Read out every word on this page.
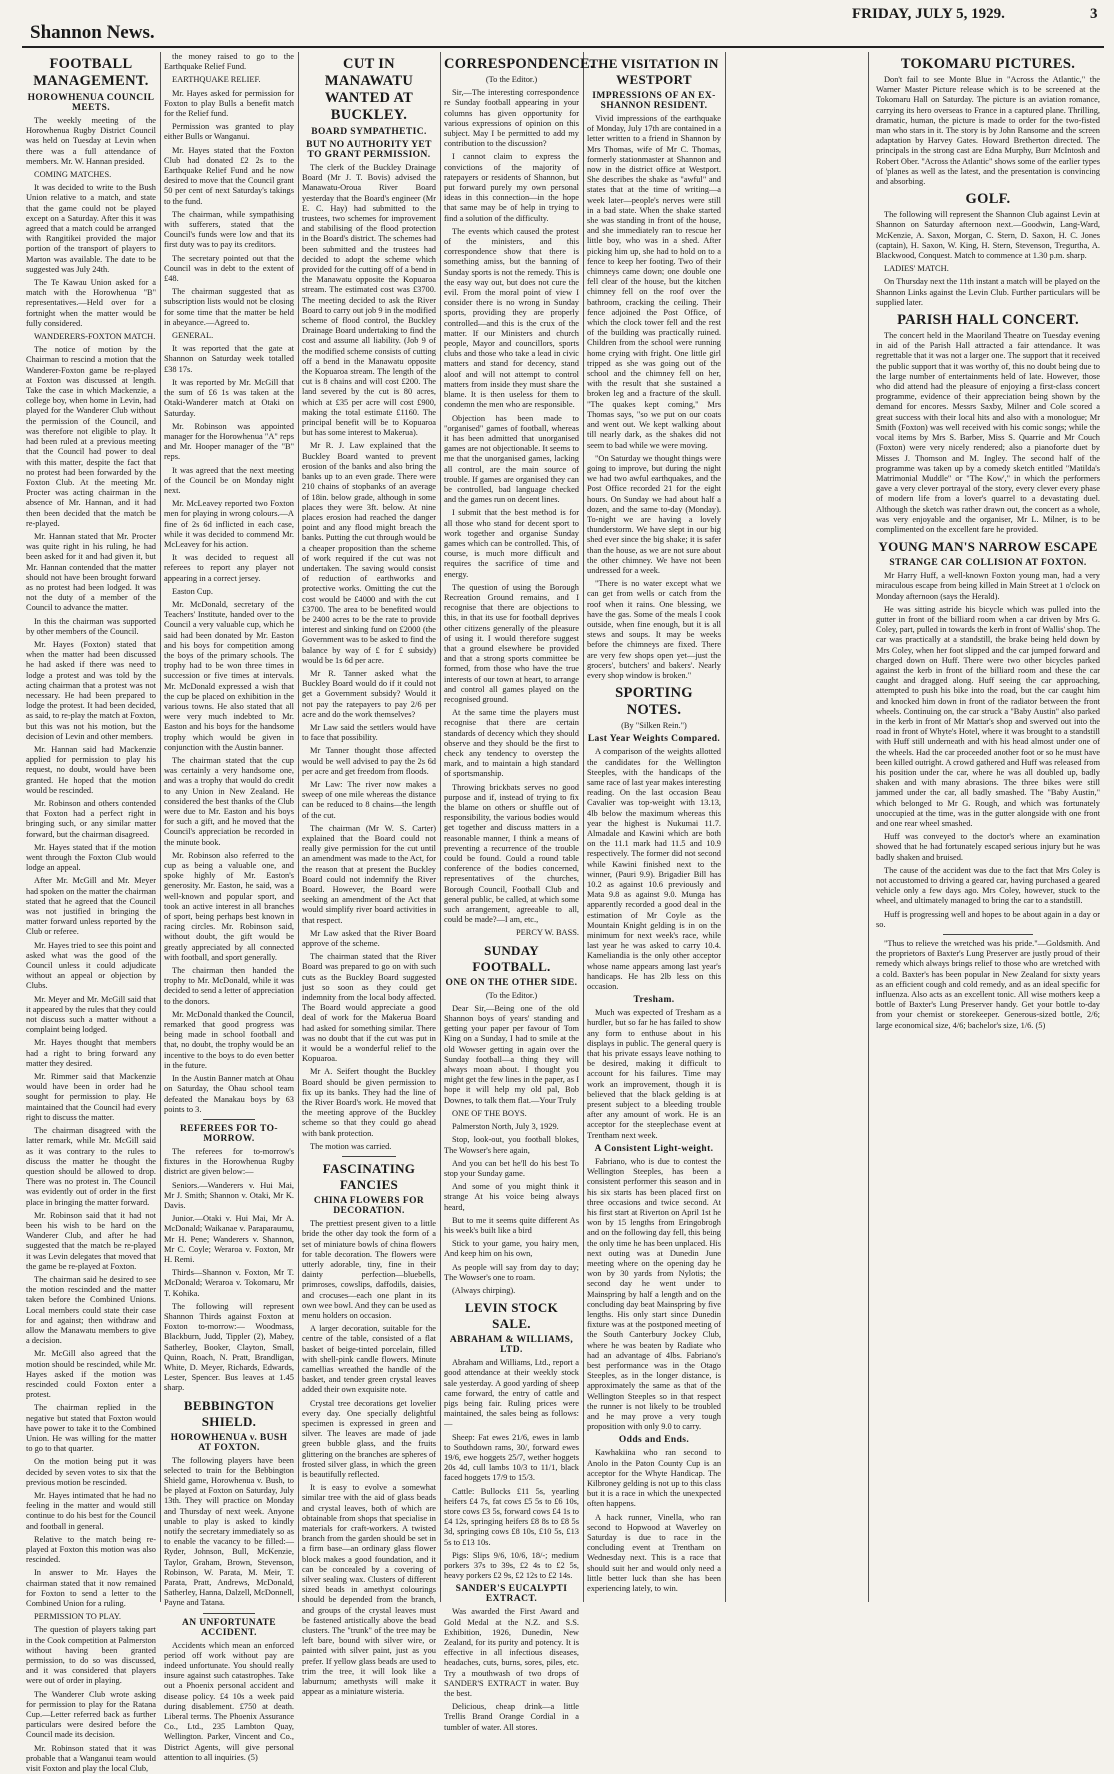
Shannon News.
FRIDAY, JULY 5, 1929.	3
FOOTBALL MANAGEMENT.
HOROWHENUA COUNCIL MEETS.

The weekly meeting of the Horowhenua Rugby District Council was held on Tuesday at Levin when there was a full attendance of members. Mr. W. Hannan presided.

COMING MATCHES.

It was decided to write to the Bush Union relative to a match, and state that the game could not be played except on a Saturday. After this it was agreed that a match could be arranged with Rangitikei provided the major portion of the transport of players to Marton was available. The date to be suggested was July 24th.

The Te Kawau Union asked for a match with the Horowhenua "B" representatives.—Held over for a fortnight when the matter would be fully considered.

WANDERERS-FOXTON MATCH.

The notice of motion by the Chairman to rescind a motion that the Wanderer-Foxton game be re-played at Foxton was discussed at length. Take the case in which Mackenzie, a college boy, when home in Levin, had played for the Wanderer Club without the permission of the Council, and was therefore not eligible to play. It had been ruled at a previous meeting that the Council had power to deal with this matter, despite the fact that no protest had been forwarded by the Foxton Club. At the meeting Mr. Procter was acting chairman in the absence of Mr. Hannan, and it had then been decided that the match be re-played.

Mr. Hannan stated that Mr. Procter was quite right in his ruling, he had been asked for it and had given it, but Mr. Hannan contended that the matter should not have been brought forward as no protest had been lodged. It was not the duty of a member of the Council to advance the matter.

In this the chairman was supported by other members of the Council.

Mr. Hayes (Foxton) stated that when the matter had been discussed he had asked if there was need to lodge a protest and was told by the acting chairman that a protest was not necessary. He had been prepared to lodge the protest. It had been decided, as said, to re-play the match at Foxton, but this was not his motion, but the decision of Levin and other members.

Mr. Hannan said had Mackenzie applied for permission to play his request, no doubt, would have been granted. He hoped that the motion would be rescinded.

Mr. Robinson and others contended that Foxton had a perfect right in bringing such, or any similar matter forward, but the chairman disagreed.

Mr. Hayes stated that if the motion went through the Foxton Club would lodge an appeal.

After Mr. McGill and Mr. Meyer had spoken on the matter the chairman stated that he agreed that the Council was not justified in bringing the matter forward unless reported by the Club or referee.

Mr. Hayes tried to see this point and asked what was the good of the Council unless it could adjudicate without an appeal or objection by Clubs.

Mr. Meyer and Mr. McGill said that it appeared by the rules that they could not discuss such a matter without a complaint being lodged.

Mr. Hayes thought that members had a right to bring forward any matter they desired.

Mr. Rimmer said that Mackenzie would have been in order had he sought for permission to play. He maintained that the Council had every right to discuss the matter.

The chairman disagreed with the latter remark, while Mr. McGill said as it was contrary to the rules to discuss the matter he thought the question should be allowed to drop. There was no protest in. The Council was evidently out of order in the first place in bringing the matter forward.

Mr. Robinson said that it had not been his wish to be hard on the Wanderer Club, and after he had suggested that the match be re-played it was Levin delegates that moved that the game be re-played at Foxton.

The chairman said he desired to see the motion rescinded and the matter taken before the Combined Unions. Local members could state their case for and against; then withdraw and allow the Manawatu members to give a decision.

Mr. McGill also agreed that the motion should be rescinded, while Mr. Hayes asked if the motion was rescinded could Foxton enter a protest.

The chairman replied in the negative but stated that Foxton would have power to take it to the Combined Union. He was willing for the matter to go to that quarter.

On the motion being put it was decided by seven votes to six that the previous motion be rescinded.

Mr. Hayes intimated that he had no feeling in the matter and would still continue to do his best for the Council and football in general.

Relative to the match being re-played at Foxton this motion was also rescinded.

In answer to Mr. Hayes the chairman stated that it now remained for Foxton to send a letter to the Combined Union for a ruling.

PERMISSION TO PLAY.

The question of players taking part in the Cook competition at Palmerston without having been granted permission, to do so was discussed, and it was considered that players were out of order in playing.

The Wanderer Club wrote asking for permission to play for the Ratana Cup.—Letter referred back as further particulars were desired before the Council made its decision.

Mr. Robinson stated that it was probable that a Wanganui team would visit Foxton and play the local Club,

the money raised to go to the Earthquake Relief Fund.

EARTHQUAKE RELIEF.

Mr. Hayes asked for permission for Foxton to play Bulls a benefit match for the Relief fund.

Permission was granted to play either Bulls or Wanganui.

Mr. Hayes stated that the Foxton Club had donated £2 2s to the Earthquake Relief Fund and he now desired to move that the Council grant 50 per cent of next Saturday's takings to the fund.

The chairman, while sympathising with sufferers, stated that the Council's funds were low and that its first duty was to pay its creditors.

The secretary pointed out that the Council was in debt to the extent of £48.

The chairman suggested that as subscription lists would not be closing for some time that the matter be held in abeyance.—Agreed to.

GENERAL.

It was reported that the gate at Shannon on Saturday week totalled £38 17s.

It was reported by Mr. McGill that the sum of £6 1s was taken at the Otaki-Wanderer match at Otaki on Saturday.

Mr. Robinson was appointed manager for the Horowhenua "A" reps and Mr. Hooper manager of the "B" reps.

It was agreed that the next meeting of the Council be on Monday night next.

Mr. McLeavey reported two Foxton men for playing in wrong colours.—A fine of 2s 6d inflicted in each case, while it was decided to commend Mr. McLeavey for his action.

It was decided to request all referees to report any player not appearing in a correct jersey.

Easton Cup.

Mr. McDonald, secretary of the Teachers' Institute, handed over to the Council a very valuable cup, which he said had been donated by Mr. Easton and his boys for competition among the boys of the primary schools. The trophy had to be won three times in succession or five times at intervals. Mr. McDonald expressed a wish that the cup be placed on exhibition in the various towns. He also stated that all were very much indebted to Mr. Easton and his boys for the handsome trophy which would be given in conjunction with the Austin banner.

The chairman stated that the cup was certainly a very handsome one, and was a trophy that would do credit to any Union in New Zealand. He considered the best thanks of the Club were due to Mr. Easton and his boys for such a gift, and he moved that the Council's appreciation be recorded in the minute book.

Mr. Robinson also referred to the cup as being a valuable one, and spoke highly of Mr. Easton's generosity. Mr. Easton, he said, was a well-known and popular sport, and took an active interest in all branches of sport, being perhaps best known in racing circles. Mr. Robinson said, without doubt, the gift would be greatly appreciated by all connected with football, and sport generally.

The chairman then handed the trophy to Mr. McDonald, while it was decided to send a letter of appreciation to the donors.

Mr. McDonald thanked the Council, remarked that good progress was being made in school football and that, no doubt, the trophy would be an incentive to the boys to do even better in the future.

In the Austin Banner match at Ohau on Saturday, the Ohau school team defeated the Manakau boys by 63 points to 3.

REFEREES FOR TO-MORROW.

The referees for to-morrow's fixtures in the Horowhenua Rugby district are given below:—

Seniors.—Wanderers v. Hui Mai, Mr J. Smith; Shannon v. Otaki, Mr K. Davis.

Junior.—Otaki v. Hui Mai, Mr A. McDonald; Waikanae v. Paraparaumu, Mr H. Pene; Wanderers v. Shannon, Mr C. Coyle; Weraroa v. Foxton, Mr H. Remi.

Thirds—Shannon v. Foxton, Mr T. McDonald; Weraroa v. Tokomaru, Mr T. Kohika.

The following will represent Shannon Thirds against Foxton at Foxton to-morrow:— Woodmass, Blackburn, Judd, Tippler (2), Mabey, Satherley, Booker, Clayton, Small, Quinn, Roach, N. Pratt, Brandligan, White, D. Meyer, Richards, Edwards, Lester, Spencer. Bus leaves at 1.45 sharp.

BEBBINGTON SHIELD.
HOROWHENUA v. BUSH AT FOXTON.

The following players have been selected to train for the Bebbington Shield game, Horowhenua v. Bush, to be played at Foxton on Saturday, July 13th. They will practice on Monday and Thursday of next week. Anyone unable to play is asked to kindly notify the secretary immediately so as to enable the vacancy to be filled:— Ryder, Johnson, Bull, McKenzie, Taylor, Graham, Brown, Stevenson, Robinson, W. Parata, M. Meir, T. Parata, Pratt, Andrews, McDonald, Satherley, Hanna, Dalzell, McDonnell, Payne and Tatana.

AN UNFORTUNATE ACCIDENT.

Accidents which mean an enforced period off work without pay are indeed unfortunate. You should really insure against such catastrophes. Take out a Phoenix personal accident and disease policy. £4 10s a week paid during disablement. £750 at death. Liberal terms. The Phoenix Assurance Co., Ltd., 235 Lambton Quay, Wellington. Parker, Vincent and Co., District Agents, will give personal attention to all inquiries. (5)

CUT IN MANAWATU WANTED AT BUCKLEY.
BOARD SYMPATHETIC.
BUT NO AUTHORITY YET TO GRANT PERMISSION.

The clerk of the Buckley Drainage Board (Mr J. T. Bovis) advised the Manawatu-Oroua River Board yesterday that the Board's engineer (Mr E. C. Hay) had submitted to the trustees, two schemes for improvement and stabilising of the flood protection in the Board's district. The schemes had been submitted and the trustees had decided to adopt the scheme which provided for the cutting off of a bend in the Manawatu opposite the Kopuaroa stream. The estimated cost was £3700. The meeting decided to ask the River Board to carry out job 9 in the modified scheme of flood control, the Buckley Drainage Board undertaking to find the cost and assume all liability. (Job 9 of the modified scheme consists of cutting off a bend in the Manawatu opposite the Kopuaroa stream. The length of the cut is 8 chains and will cost £200. The land severed by the cut is 80 acres, which at £35 per acre will cost £900, making the total estimate £1160. The principal benefit will be to Kopuaroa but has some interest to Makerua).

Mr R. J. Law explained that the Buckley Board wanted to prevent erosion of the banks and also bring the banks up to an even grade. There were 210 chains of stopbanks of an average of 18in. below grade, although in some places they were 3ft. below. At nine places erosion had reached the danger point and any flood might breach the banks. Putting the cut through would be a cheaper proposition than the scheme of work required if the cut was not undertaken. The saving would consist of reduction of earthworks and protective works. Omitting the cut the cost would be £4000 and with the cut £3700. The area to be benefited would be 2400 acres to be the rate to provide interest and sinking fund on £2000 (the Government was to be asked to find the balance by way of £ for £ subsidy) would be 1s 6d per acre.

Mr R. Tanner asked what the Buckley Board would do if it could not get a Government subsidy? Would it not pay the ratepayers to pay 2/6 per acre and do the work themselves?

Mr Law said the settlers would have to face that possibility.

Mr Tanner thought those affected would be well advised to pay the 2s 6d per acre and get freedom from floods.

Mr Law: The river now makes a sweep of one mile whereas the distance can be reduced to 8 chains—the length of the cut.

The chairman (Mr W. S. Carter) explained that the Board could not really give permission for the cut until an amendment was made to the Act, for the reason that at present the Buckley Board could not indemnify the River Board. However, the Board were seeking an amendment of the Act that would simplify river board activities in that respect.

Mr Law asked that the River Board approve of the scheme.

The chairman stated that the River Board was prepared to go on with such cuts as the Buckley Board suggested just so soon as they could get indemnity from the local body affected. The Board would appreciate a good deal of work for the Makerua Board had asked for something similar. There was no doubt that if the cut was put in it would be a wonderful relief to the Kopuaroa.

Mr A. Seifert thought the Buckley Board should be given permission to fix up its banks. They had the line of the River Board's work. He moved that the meeting approve of the Buckley scheme so that they could go ahead with bank protection.

The motion was carried.

FASCINATING FANCIES
CHINA FLOWERS FOR DECORATION.

The prettiest present given to a little bride the other day took the form of a set of miniature bowls of china flowers for table decoration. The flowers were utterly adorable, tiny, fine in their dainty perfection—bluebells, primroses, cowslips, daffodils, daisies, and crocuses—each one plant in its own wee bowl. And they can be used as menu holders on occasion.

A larger decoration, suitable for the centre of the table, consisted of a flat basket of beige-tinted porcelain, filled with shell-pink candle flowers. Minute camellias wreathed the handle of the basket, and tender green crystal leaves added their own exquisite note.

Crystal tree decorations get lovelier every day. One specially delightful specimen is expressed in green and silver. The leaves are made of jade green bubble glass, and the fruits glittering on the branches are spheres of frosted silver glass, in which the green is beautifully reflected.

It is easy to evolve a somewhat similar tree with the aid of glass beads and crystal leaves, both of which are obtainable from shops that specialise in materials for craft-workers. A twisted branch from the garden should be set in a firm base—an ordinary glass flower block makes a good foundation, and it can be concealed by a covering of silver sealing wax. Clusters of different sized beads in amethyst colourings should be depended from the branch, and groups of the crystal leaves must be fastened artistically above the bead clusters. The "trunk" of the tree may be left bare, bound with silver wire, or painted with silver paint, just as you prefer. If yellow glass beads are used to trim the tree, it will look like a laburnum; amethysts will make it appear as a miniature wisteria.

CORRESPONDENCE.

(To the Editor.)

Sir,—The interesting correspondence re Sunday football appearing in your columns has given opportunity for various expressions of opinion on this subject. May I be permitted to add my contribution to the discussion?

I cannot claim to express the convictions of the majority of ratepayers or residents of Shannon, but put forward purely my own personal ideas in this connection—in the hope that same may be of help in trying to find a solution of the difficulty.

The events which caused the protest of the ministers, and this correspondence show that there is something amiss, but the banning of Sunday sports is not the remedy. This is the easy way out, but does not cure the evil. From the moral point of view I consider there is no wrong in Sunday sports, providing they are properly controlled—and this is the crux of the matter. If our Ministers and church people, Mayor and councillors, sports clubs and those who take a lead in civic matters and stand for decency, stand aloof and will not attempt to control matters from inside they must share the blame. It is then useless for them to condemn the men who are responsible.

Objection has been made to "organised" games of football, whereas it has been admitted that unorganised games are not objectionable. It seems to me that the unorganised games, lacking all control, are the main source of trouble. If games are organised they can be controlled, bad language checked and the games run on decent lines.

I submit that the best method is for all those who stand for decent sport to work together and organise Sunday games which can be controlled. This, of course, is much more difficult and requires the sacrifice of time and energy.

The question of using the Borough Recreation Ground remains, and I recognise that there are objections to this, in that its use for football deprives other citizens generally of the pleasure of using it. I would therefore suggest that a ground elsewhere be provided and that a strong sports committee be formed, from those who have the true interests of our town at heart, to arrange and control all games played on the recognised ground.

At the same time the players must recognise that there are certain standards of decency which they should observe and they should be the first to check any tendency to overstep the mark, and to maintain a high standard of sportsmanship.

Throwing brickbats serves no good purpose and if, instead of trying to fix the blame on others or shuffle out of responsibility, the various bodies would get together and discuss matters in a reasonable manner, I think a means of preventing a recurrence of the trouble could be found. Could a round table conference of the bodies concerned, representatives of the churches, Borough Council, Football Club and general public, be called, at which some such arrangement, agreeable to all, could be made?—I am, etc.,

PERCY W. BASS.

SUNDAY FOOTBALL.
ONE ON THE OTHER SIDE.

(To the Editor.)

Dear Sir,—Being one of the old Shannon boys of years' standing and getting your paper per favour of Tom King on a Sunday, I had to smile at the old Wowser getting in again over the Sunday football—a thing they will always moan about. I thought you might get the few lines in the paper, as I hope it will help my old pal, Bob Downes, to talk them flat.—Your Truly

ONE OF THE BOYS.

Palmerston North, July 3, 1929.

Stop, look-out, you football blokes, The Wowser's here again,

And you can bet he'll do his best To stop your Sunday game.

And some of you might think it strange At his voice being always heard,

But to me it seems quite different As his week's built like a bird

Stick to your game, you hairy men, And keep him on his own,

As people will say from day to day; The Wowser's one to roam.

(Always chirping).

LEVIN STOCK SALE.
ABRAHAM & WILLIAMS, LTD.

Abraham and Williams, Ltd., report a good attendance at their weekly stock sale yesterday. A good yarding of sheep came forward, the entry of cattle and pigs being fair. Ruling prices were maintained, the sales being as follows:—

Sheep: Fat ewes 21/6, ewes in lamb to Southdown rams, 30/, forward ewes 19/6, ewe hoggets 25/7, wether hoggets 20s 4d, cull lambs 10/3 to 11/1, black faced hoggets 17/9 to 15/3.

Cattle: Bullocks £11 5s, yearling heifers £4 7s, fat cows £5 5s to £6 10s, store cows £3 5s, forward cows £4 1s to £4 12s, springing heifers £8 8s to £8 5s 3d, springing cows £8 10s, £10 5s, £13 5s to £13 10s.

Pigs: Slips 9/6, 10/6, 18/-; medium porkers 37s to 39s, £2 4s to £2 5s, heavy porkers £2 9s, £2 12s to £2 14s.

SANDER'S EUCALYPTI EXTRACT.

Was awarded the First Award and Gold Medal at the N.Z. and S.S. Exhibition, 1926, Dunedin, New Zealand, for its purity and potency. It is effective in all infectious diseases, headaches, cuts, burns, sores, piles, etc. Try a mouthwash of two drops of SANDER'S EXTRACT in water. Buy the best.

Delicious, cheap drink—a little Trellis Brand Orange Cordial in a tumbler of water. All stores.

THE VISITATION IN WESTPORT
IMPRESSIONS OF AN EX-SHANNON RESIDENT.

Vivid impressions of the earthquake of Monday, July 17th are contained in a letter written to a friend in Shannon by Mrs Thomas, wife of Mr C. Thomas, formerly stationmaster at Shannon and now in the district office at Westport. She describes the shake as "awful" and states that at the time of writing—a week later—people's nerves were still in a bad state. When the shake started she was standing in front of the house, and she immediately ran to rescue her little boy, who was in a shed. After picking him up, she had to hold on to a fence to keep her footing. Two of their chimneys came down; one double one fell clear of the house, but the kitchen chimney fell on the roof over the bathroom, cracking the ceiling. Their fence adjoined the Post Office, of which the clock tower fell and the rest of the building was practically ruined. Children from the school were running home crying with fright. One little girl tripped as she was going out of the school and the chimney fell on her, with the result that she sustained a broken leg and a fracture of the skull. "The quakes kept coming," Mrs Thomas says, "so we put on our coats and went out. We kept walking about till nearly dark, as the shakes did not seem to bad while we were moving.

"On Saturday we thought things were going to improve, but during the night we had two awful earthquakes, and the Post Office recorded 21 for the eight hours. On Sunday we had about half a dozen, and the same to-day (Monday). To-night we are having a lovely thunderstorm. We have slept in our big shed ever since the big shake; it is safer than the house, as we are not sure about the other chimney. We have not been undressed for a week.

"There is no water except what we can get from wells or catch from the roof when it rains. One blessing, we have the gas. Some of the meals I cook outside, when fine enough, but it is all stews and soups. It may be weeks before the chimneys are fixed. There are very few shops open yet—just the grocers', butchers' and bakers'. Nearly every shop window is broken."

SPORTING NOTES.

(By "Silken Rein.")

Last Year Weights Compared.

A comparison of the weights allotted the candidates for the Wellington Steeples, with the handicaps of the same race of last year makes interesting reading. On the last occasion Beau Cavalier was top-weight with 13.13, 4lb below the maximum whereas this year the highest is Nukumai 11.7. Almadale and Kawini which are both on the 11.1 mark had 11.5 and 10.9 respectively. The former did not second while Kawini finished next to the winner, (Pauri 9.9). Brigadier Bill has 10.2 as against 10.6 previously and Mata 9.8 as against 9.0. Munga has apparently recorded a good deal in the estimation of Mr Coyle as the Mountain Knight gelding is in on the minimum for next week's race, while last year he was asked to carry 10.4. Kameliandia is the only other acceptor whose name appears among last year's handicaps. He has 2lb less on this occasion.

Tresham.

Much was expected of Tresham as a hurdler, but so far he has failed to show any form to enthuse about in his displays in public. The general query is that his private essays leave nothing to be desired, making it difficult to account for his failures. Time may work an improvement, though it is believed that the black gelding is at present subject to a bleeding trouble after any amount of work. He is an acceptor for the steeplechase event at Trentham next week.

A Consistent Light-weight.

Fabriano, who is due to contest the Wellington Steeples, has been a consistent performer this season and in his six starts has been placed first on three occasions and twice second. At his first start at Riverton on April 1st he won by 15 lengths from Eringobrogh and on the following day fell, this being the only time he has been unplaced. His next outing was at Dunedin June meeting where on the opening day he won by 30 yards from Nylotis; the second day he went under to Mainspring by half a length and on the concluding day beat Mainspring by five lengths. His only start since Dunedin fixture was at the postponed meeting of the South Canterbury Jockey Club, where he was beaten by Radiate who had an advantage of 4lbs. Fabriano's best performance was in the Otago Steeples, as in the longer distance, is approximately the same as that of the Wellington Steeples so in that respect the runner is not likely to be troubled and he may prove a very tough proposition with only 9.0 to carry.

Odds and Ends.

Kawhakiina who ran second to Anolo in the Paton County Cup is an acceptor for the Whyte Handicap. The Kilbroney gelding is not up to this class but it is a race in which the unexpected often happens.

A hack runner, Vinella, who ran second to Hopwood at Waverley on Saturday is due to race in the concluding event at Trentham on Wednesday next. This is a race that should suit her and would only need a little better luck than she has been experiencing lately, to win.

TOKOMARU PICTURES.

Don't fail to see Monte Blue in "Across the Atlantic," the Warner Master Picture release which is to be screened at the Tokomaru Hall on Saturday. The picture is an aviation romance, carrying its hero overseas to France in a captured plane. Thrilling, dramatic, human, the picture is made to order for the two-fisted man who stars in it. The story is by John Ransome and the screen adaptation by Harvey Gates. Howard Bretherton directed. The principals in the strong cast are Edna Murphy, Burr McIntosh and Robert Ober. "Across the Atlantic" shows some of the earlier types of 'planes as well as the latest, and the presentation is convincing and absorbing.

GOLF.

The following will represent the Shannon Club against Levin at Shannon on Saturday afternoon next.—Goodwin, Lang-Ward, McKenzie, A. Saxon, Morgan, C. Stern, D. Saxon, H. C. Jones (captain), H. Saxon, W. King, H. Stern, Stevenson, Tregurtha, A. Blackwood, Conquest. Match to commence at 1.30 p.m. sharp.

LADIES' MATCH.

On Thursday next the 11th instant a match will be played on the Shannon Links against the Levin Club. Further particulars will be supplied later.

PARISH HALL CONCERT.

The concert held in the Maoriland Theatre on Tuesday evening in aid of the Parish Hall attracted a fair attendance. It was regrettable that it was not a larger one. The support that it received the public support that it was worthy of, this no doubt being due to the large number of entertainments held of late. However, those who did attend had the pleasure of enjoying a first-class concert programme, evidence of their appreciation being shown by the demand for encores. Messrs Saxby, Milner and Cole scored a great success with their local hits and also with a monologue; Mr Smith (Foxton) was well received with his comic songs; while the vocal items by Mrs S. Barber, Miss S. Quarrie and Mr Couch (Foxton) were very nicely rendered; also a pianoforte duet by Misses J. Thomson and M. Ingley. The second half of the programme was taken up by a comedy sketch entitled "Matilda's Matrimonial Muddle" or "The Kow'," in which the performers gave a very clever portrayal of the story, every clever every phase of modern life from a lover's quarrel to a devastating duel. Although the sketch was rather drawn out, the concert as a whole, was very enjoyable and the organiser, Mr L. Milner, is to be complimented on the excellent fare he provided.

YOUNG MAN'S NARROW ESCAPE
STRANGE CAR COLLISION AT FOXTON.

Mr Harry Huff, a well-known Foxton young man, had a very miraculous escape from being killed in Main Street at 1 o'clock on Monday afternoon (says the Herald).

He was sitting astride his bicycle which was pulled into the gutter in front of the billiard room when a car driven by Mrs G. Coley, part, pulled in towards the kerb in front of Wallis' shop. The car was practically at a standstill, the brake being held down by Mrs Coley, when her foot slipped and the car jumped forward and charged down on Huff. There were two other bicycles parked against the kerb in front of the billiard room and these the car caught and dragged along. Huff seeing the car approaching, attempted to push his bike into the road, but the car caught him and knocked him down in front of the radiator between the front wheels. Continuing on, the car struck a "Baby Austin" also parked in the kerb in front of Mr Mattar's shop and swerved out into the road in front of Whyte's Hotel, where it was brought to a standstill with Huff still underneath and with his head almost under one of the wheels. Had the car proceeded another foot or so he must have been killed outright. A crowd gathered and Huff was released from his position under the car, where he was all doubled up, badly shaken and with many abrasions. The three bikes were still jammed under the car, all badly smashed. The "Baby Austin," which belonged to Mr G. Rough, and which was fortunately unoccupied at the time, was in the gutter alongside with one front and one rear wheel smashed.

Huff was conveyed to the doctor's where an examination showed that he had fortunately escaped serious injury but he was badly shaken and bruised.

The cause of the accident was due to the fact that Mrs Coley is not accustomed to driving a geared car, having purchased a geared vehicle only a few days ago. Mrs Coley, however, stuck to the wheel, and ultimately managed to bring the car to a standstill.

Huff is progressing well and hopes to be about again in a day or so.

"Thus to relieve the wretched was his pride."—Goldsmith. And the proprietors of Baxter's Lung Preserver are justly proud of their remedy which always brings relief to those who are wretched with a cold. Baxter's has been popular in New Zealand for sixty years as an efficient cough and cold remedy, and as an ideal specific for influenza. Also acts as an excellent tonic. All wise mothers keep a bottle of Baxter's Lung Preserver handy. Get your bottle to-day from your chemist or storekeeper. Generous-sized bottle, 2/6; large economical size, 4/6; bachelor's size, 1/6. (5)
